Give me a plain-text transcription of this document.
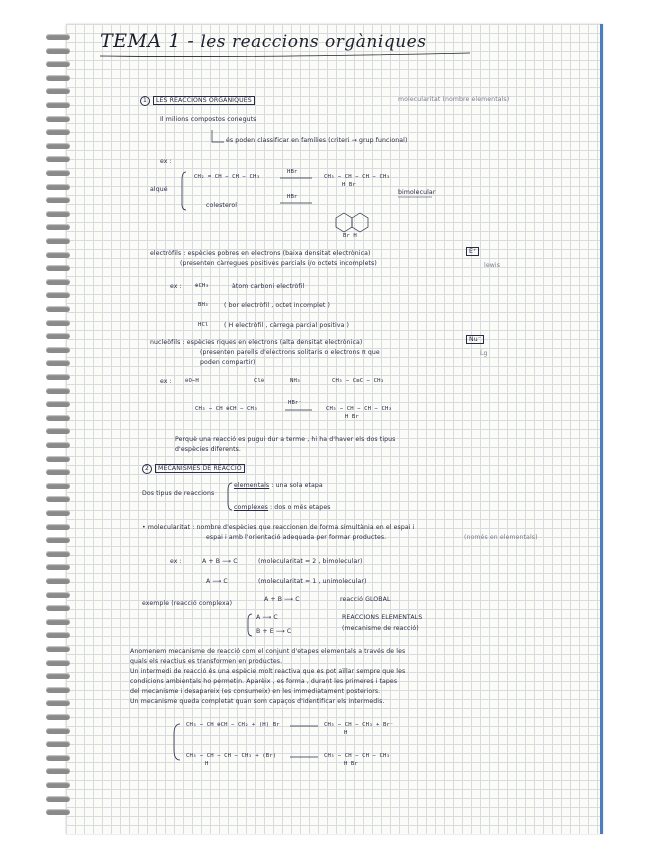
TEMA 1 - les reaccions orgàniques
1 LES REACCIONS ORGÀNIQUES	molecularitat (nombre elementals)
Il milions compostos coneguts
és poden classificar en famílies (criteri → grup funcional)
ex :
CH₂ = CH − CH − CH₃
HBr
CH₃ − CH − CH − CH₃
H Br
alqué
colesterol
HBr
bimolecular
Br H
electròfils : espècies pobres en electrons (baixa densitat electrònica)
(presenten càrregues positives parcials i/o octets incomplets)
E⁺
lewis
ex : ⊕CH₃	àtom carboni electròfil
BH₃	( bor electròfil , octet incomplet )
HCl	( H electròfil , càrrega parcial positiva )
nucleòfils : espècies riques en electrons (alta densitat electrònica)
(presenten parells d'electrons solitaris o electrons π que
poden compartir)
Nu⁻
Ĺg
ex : ⊖O−H	Cl⊖	NH₃	CH₃ − C≡C − CH₃
CH₃ − CH ⊕CH − CH₃
HBr⁻
CH₃ − CH − CH − CH₃
H Br
Perquè una reacció es pugui dur a terme , hi ha d'haver els dos tipus
d'espècies diferents.
2 MECANISMES DE REACCIÓ
Dos tipus de reaccions
elementals : una sola etapa
complexes : dos o més etapes
• molecularitat : nombre d'espècies que reaccionen de forma simultània en el espai i
espai i amb l'orientació adequada per formar productes.	(només en elementals)
ex :	A + B ⟶ C	(molecularitat = 2 , bimolecular)
A ⟶ C	(molecularitat = 1 , unimolecular)
exemple (reacció complexa)
A + B ⟶ C	reacció GLOBAL
A ⟶ C
B + E ⟶ C
REACCIONS ELEMENTALS
(mecanisme de reacció)
Anomenem mecanisme de reacció com el conjunt d'etapes elementals a través de les
quals els reactius es transformen en productes.
Un intermedi de reacció és una espècie molt reactiva que es pot aïllar sempre que les
condicions ambientals ho permetin. Aparèix , es forma , durant les primeres i tapes
del mecanisme i desapareix (es consumeix) en les immediatament posteriors.
Un mecanisme queda completat quan som capaços d'identificar els intermedis.
CH₃ − CH ⊕CH − CH₂ + (H) Br	CH₃ − CH − CH₃ + Br⁻
H
CH₃ − CH − CH − CH₃ + (Br)
H
CH₃ − CH − CH − CH₃
H Br
